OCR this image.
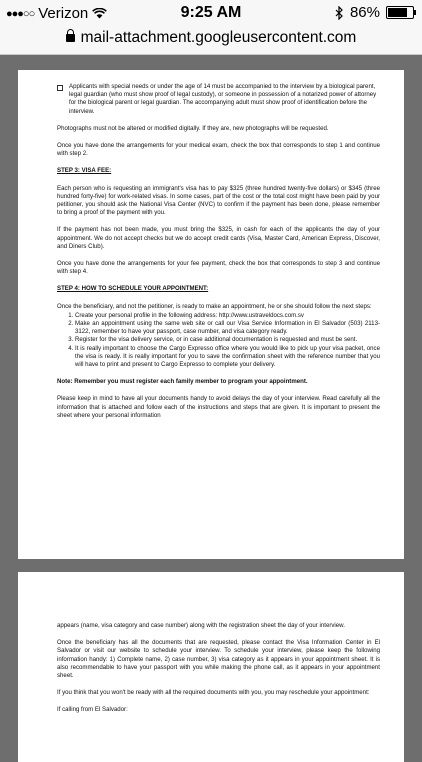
●●●○○ Verizon	9:25 AM	86%
mail-attachment.googleusercontent.com
Applicants with special needs or under the age of 14 must be accompanied to the interview by a biological parent, legal guardian (who must show proof of legal custody), or someone in possession of a notarized power of attorney for the biological parent or legal guardian. The accompanying adult must show proof of identification before the interview.

Photographs must not be altered or modified digitally. If they are, new photographs will be requested.

Once you have done the arrangements for your medical exam, check the box that corresponds to step 1 and continue with step 2.

STEP 3: VISA FEE:

Each person who is requesting an immigrant's visa has to pay $325 (three hundred twenty-five dollars) or $345 (three hundred forty-five) for work-related visas. In some cases, part of the cost or the total cost might have been paid by your petitioner, you should ask the National Visa Center (NVC) to confirm if the payment has been done, please remember to bring a proof of the payment with you.

If the payment has not been made, you must bring the $325, in cash for each of the applicants the day of your appointment. We do not accept checks but we do accept credit cards (Visa, Master Card, American Express, Discover, and Diners Club).

Once you have done the arrangements for your fee payment, check the box that corresponds to step 3 and continue with step 4.

STEP 4: HOW TO SCHEDULE YOUR APPOINTMENT:

Once the beneficiary, and not the petitioner, is ready to make an appointment, he or she should follow the next steps:

1. Create your personal profile in the following address: http://www.ustraveldocs.com.sv
2. Make an appointment using the same web site or call our Visa Service Information in El Salvador (503) 2113-3122, remember to have your passport, case number, and visa category ready.
3. Register for the visa delivery service, or in case additional documentation is requested and must be sent.
4. It is really important to choose the Cargo Expresso office where you would like to pick up your visa packet, once the visa is ready. It is really important for you to save the confirmation sheet with the reference number that you will have to print and present to Cargo Expresso to complete your delivery.

Note: Remember you must register each family member to program your appointment.

Please keep in mind to have all your documents handy to avoid delays the day of your interview. Read carefully all the information that is attached and follow each of the instructions and steps that are given. It is important to present the sheet where your personal information

appears (name, visa category and case number) along with the registration sheet the day of your interview.

Once the beneficiary has all the documents that are requested, please contact the Visa Information Center in El Salvador or visit our website to schedule your interview. To schedule your interview, please keep the following information handy: 1) Complete name, 2) case number, 3) visa category as it appears in your appointment sheet. It is also recommendable to have your passport with you while making the phone call, as it appears in your appointment sheet.

If you think that you won't be ready with all the required documents with you, you may reschedule your appointment:

If calling from El Salvador:
